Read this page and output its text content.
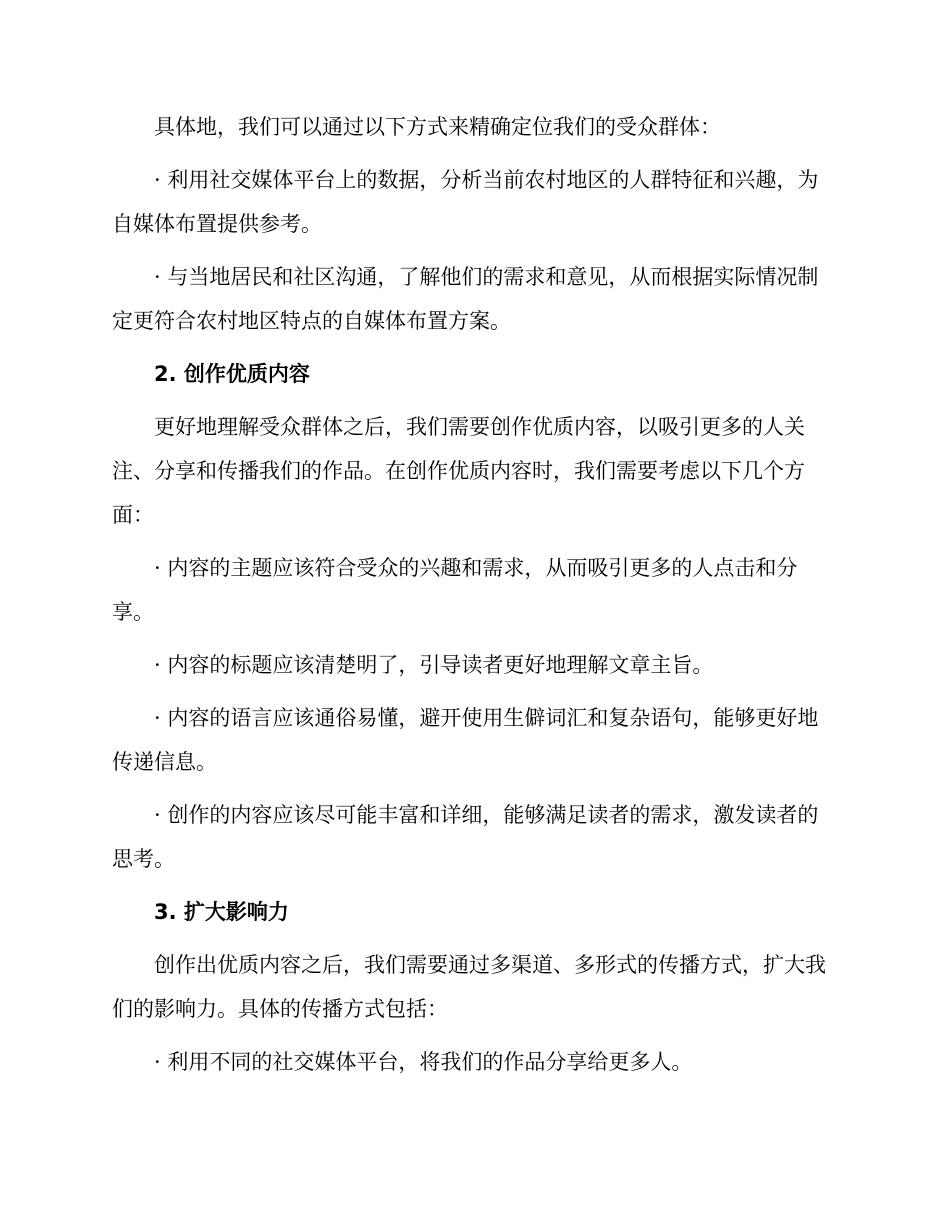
具体地，我们可以通过以下方式来精确定位我们的受众群体：

· 利用社交媒体平台上的数据，分析当前农村地区的人群特征和兴趣，为自媒体布置提供参考。

· 与当地居民和社区沟通，了解他们的需求和意见，从而根据实际情况制定更符合农村地区特点的自媒体布置方案。

2. 创作优质内容

更好地理解受众群体之后，我们需要创作优质内容，以吸引更多的人关注、分享和传播我们的作品。在创作优质内容时，我们需要考虑以下几个方面：

· 内容的主题应该符合受众的兴趣和需求，从而吸引更多的人点击和分享。

· 内容的标题应该清楚明了，引导读者更好地理解文章主旨。

· 内容的语言应该通俗易懂，避开使用生僻词汇和复杂语句，能够更好地传递信息。

· 创作的内容应该尽可能丰富和详细，能够满足读者的需求，激发读者的思考。

3. 扩大影响力

创作出优质内容之后，我们需要通过多渠道、多形式的传播方式，扩大我们的影响力。具体的传播方式包括：

· 利用不同的社交媒体平台，将我们的作品分享给更多人。
